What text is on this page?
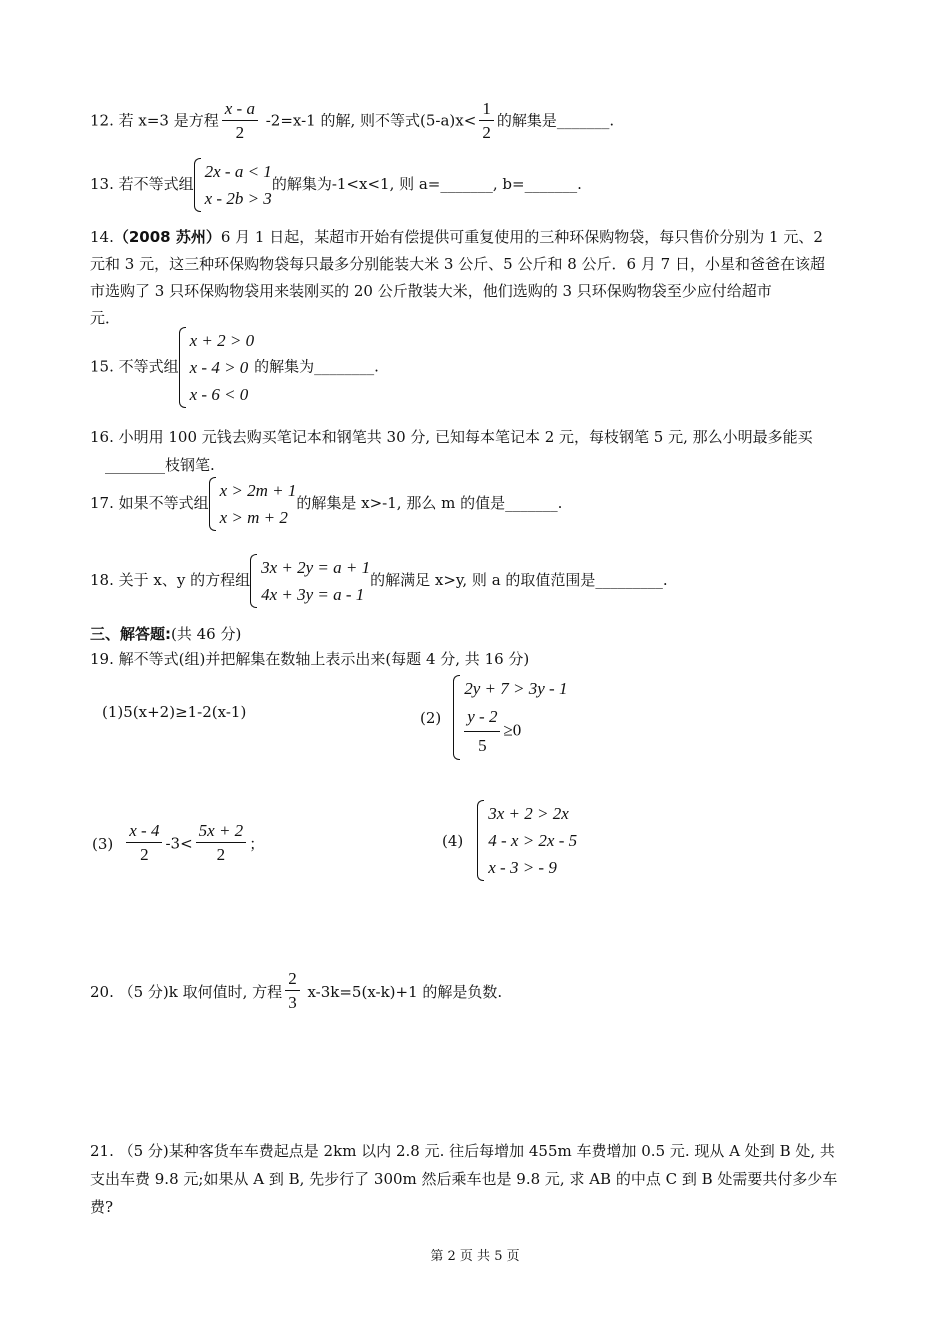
12. 若 x=3 是方程 $\frac{x - a}{2} -2=x-1$ 的解, 则不等式$(5-a)x< \frac{1}{2}$ 的解集是_______.
13. 若不等式组
2x - a < 1
x - 2b > 3
的解集为-1<x<1, 则 a=_______, b=_______.
14.（2008 苏州）6 月 1 日起，某超市开始有偿提供可重复使用的三种环保购物袋，每只售价分别为 1 元、2
元和 3 元，这三种环保购物袋每只最多分别能装大米 3 公斤、5 公斤和 8 公斤．6 月 7 日，小星和爸爸在该超
市选购了 3 只环保购物袋用来装刚买的 20 公斤散装大米，他们选购的 3 只环保购物袋至少应付给超市
元．
15. 不等式组
x + 2 > 0
x - 4 > 0
x - 6 < 0
的解集为________.
16. 小明用 100 元钱去购买笔记本和钢笔共 30 分, 已知每本笔记本 2 元，每枝钢笔 5 元, 那么小明最多能买
________枝钢笔.
17. 如果不等式组
x > 2m + 1
x > m + 2
的解集是 x>-1, 那么 m 的值是_______.
18. 关于 x、y 的方程组
3x + 2y = a + 1
4x + 3y = a - 1
的解满足 x>y, 则 a 的取值范围是_________.
三、解答题:(共 46 分)
19. 解不等式(组)并把解集在数轴上表示出来(每题 4 分, 共 16 分)
(1)5(x+2)≥1-2(x-1)	(2)
2y + 7 > 3y - 1
$\frac{y - 2}{5} \ge 0$
$(3) \frac{x - 4}{2} -3< \frac{5x + 2}{2}$ ；	(4)
3x + 2 > 2x
4 - x > 2x - 5
x - 3 > - 9
20. （5 分)k 取何值时, 方程 $\frac{2}{3} x-3k=5(x-k)+1$ 的解是负数.
21. （5 分)某种客货车车费起点是 2km 以内 2.8 元. 往后每增加 455m 车费增加 0.5 元. 现从 A 处到 B 处, 共
支出车费 9.8 元;如果从 A 到 B, 先步行了 300m 然后乘车也是 9.8 元, 求 AB 的中点 C 到 B 处需要共付多少车
费?
第 2 页 共 5 页
